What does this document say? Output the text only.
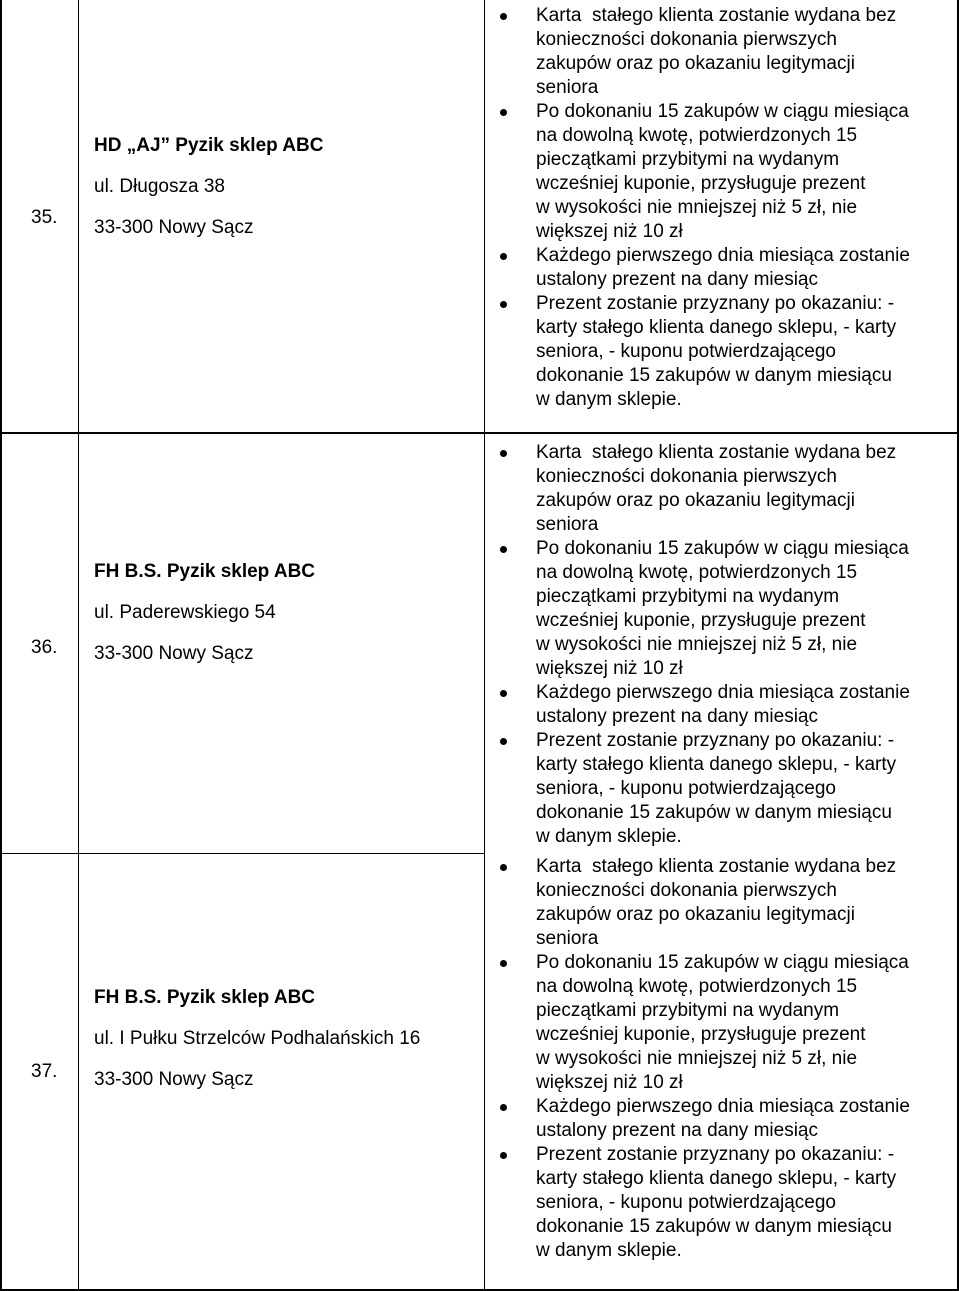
35.
HD „AJ” Pyzik sklep ABC
ul. Długosza 38
33-300 Nowy Sącz
Karta  stałego klienta zostanie wydana bez
konieczności dokonania pierwszych
zakupów oraz po okazaniu legitymacji
seniora
Po dokonaniu 15 zakupów w ciągu miesiąca
na dowolną kwotę, potwierdzonych 15
pieczątkami przybitymi na wydanym
wcześniej kuponie, przysługuje prezent
w wysokości nie mniejszej niż 5 zł, nie
większej niż 10 zł
Każdego pierwszego dnia miesiąca zostanie
ustalony prezent na dany miesiąc
Prezent zostanie przyznany po okazaniu: -
karty stałego klienta danego sklepu, - karty
seniora, - kuponu potwierdzającego
dokonanie 15 zakupów w danym miesiącu
w danym sklepie.
36.
FH B.S. Pyzik sklep ABC
ul. Paderewskiego 54
33-300 Nowy Sącz
Karta  stałego klienta zostanie wydana bez
konieczności dokonania pierwszych
zakupów oraz po okazaniu legitymacji
seniora
Po dokonaniu 15 zakupów w ciągu miesiąca
na dowolną kwotę, potwierdzonych 15
pieczątkami przybitymi na wydanym
wcześniej kuponie, przysługuje prezent
w wysokości nie mniejszej niż 5 zł, nie
większej niż 10 zł
Każdego pierwszego dnia miesiąca zostanie
ustalony prezent na dany miesiąc
Prezent zostanie przyznany po okazaniu: -
karty stałego klienta danego sklepu, - karty
seniora, - kuponu potwierdzającego
dokonanie 15 zakupów w danym miesiącu
w danym sklepie.
37.
FH B.S. Pyzik sklep ABC
ul. I Pułku Strzelców Podhalańskich 16
33-300 Nowy Sącz
Karta  stałego klienta zostanie wydana bez
konieczności dokonania pierwszych
zakupów oraz po okazaniu legitymacji
seniora
Po dokonaniu 15 zakupów w ciągu miesiąca
na dowolną kwotę, potwierdzonych 15
pieczątkami przybitymi na wydanym
wcześniej kuponie, przysługuje prezent
w wysokości nie mniejszej niż 5 zł, nie
większej niż 10 zł
Każdego pierwszego dnia miesiąca zostanie
ustalony prezent na dany miesiąc
Prezent zostanie przyznany po okazaniu: -
karty stałego klienta danego sklepu, - karty
seniora, - kuponu potwierdzającego
dokonanie 15 zakupów w danym miesiącu
w danym sklepie.
